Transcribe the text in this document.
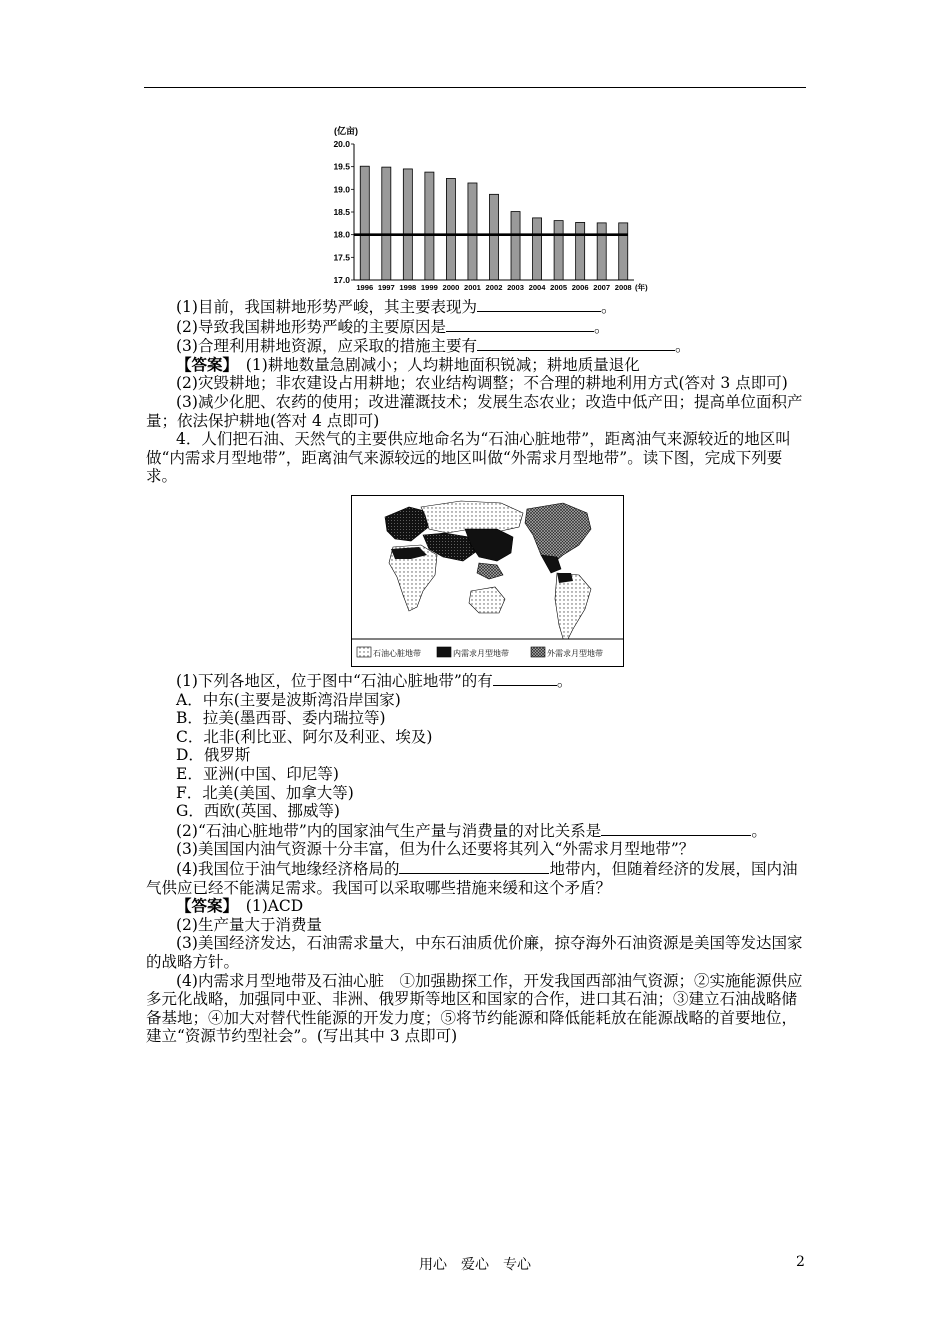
(亿亩)
20.0
19.5
19.0
18.5
18.0
17.5
17.0
1996 1997 1998 1999 2000 2001 2002 2003 2004 2005 2006 2007 2008 (年)

(1)目前，我国耕地形势严峻，其主要表现为	。

(2)导致我国耕地形势严峻的主要原因是	。

(3)合理利用耕地资源，应采取的措施主要有	。

【答案】　 (1)耕地数量急剧减小；人均耕地面积锐减；耕地质量退化

(2)灾毁耕地；非农建设占用耕地；农业结构调整；不合理的耕地利用方式(答对 3 点即可)

(3)减少化肥、农药的使用；改进灌溉技术；发展生态农业；改造中低产田；提高单位面积产量；依法保护耕地(答对 4 点即可)

4．人们把石油、天然气的主要供应地命名为“石油心脏地带”，距离油气来源较近的地区叫做“内需求月型地带”，距离油气来源较远的地区叫做“外需求月型地带”。读下图，完成下列要求。

石油心脏地带	内需求月型地带	外需求月型地带

(1)下列各地区，位于图中“石油心脏地带”的有	。

A．中东(主要是波斯湾沿岸国家)

B．拉美(墨西哥、委内瑞拉等)

C．北非(利比亚、阿尔及利亚、埃及)

D．俄罗斯

E．亚洲(中国、印尼等)

F．北美(美国、加拿大等)

G．西欧(英国、挪威等)

(2)“石油心脏地带”内的国家油气生产量与消费量的对比关系是	。

(3)美国国内油气资源十分丰富，但为什么还要将其列入“外需求月型地带”？

(4)我国位于油气地缘经济格局的	地带内，但随着经济的发展，国内油气供应已经不能满足需求。我国可以采取哪些措施来缓和这个矛盾？

【答案】　 (1)ACD

(2)生产量大于消费量

(3)美国经济发达，石油需求量大，中东石油质优价廉，掠夺海外石油资源是美国等发达国家的战略方针。

(4)内需求月型地带及石油心脏　①加强勘探工作，开发我国西部油气资源；②实施能源供应多元化战略，加强同中亚、非洲、俄罗斯等地区和国家的合作，进口其石油；③建立石油战略储备基地；④加大对替代性能源的开发力度；⑤将节约能源和降低能耗放在能源战略的首要地位，建立“资源节约型社会”。(写出其中 3 点即可)

用心　爱心　专心	2
